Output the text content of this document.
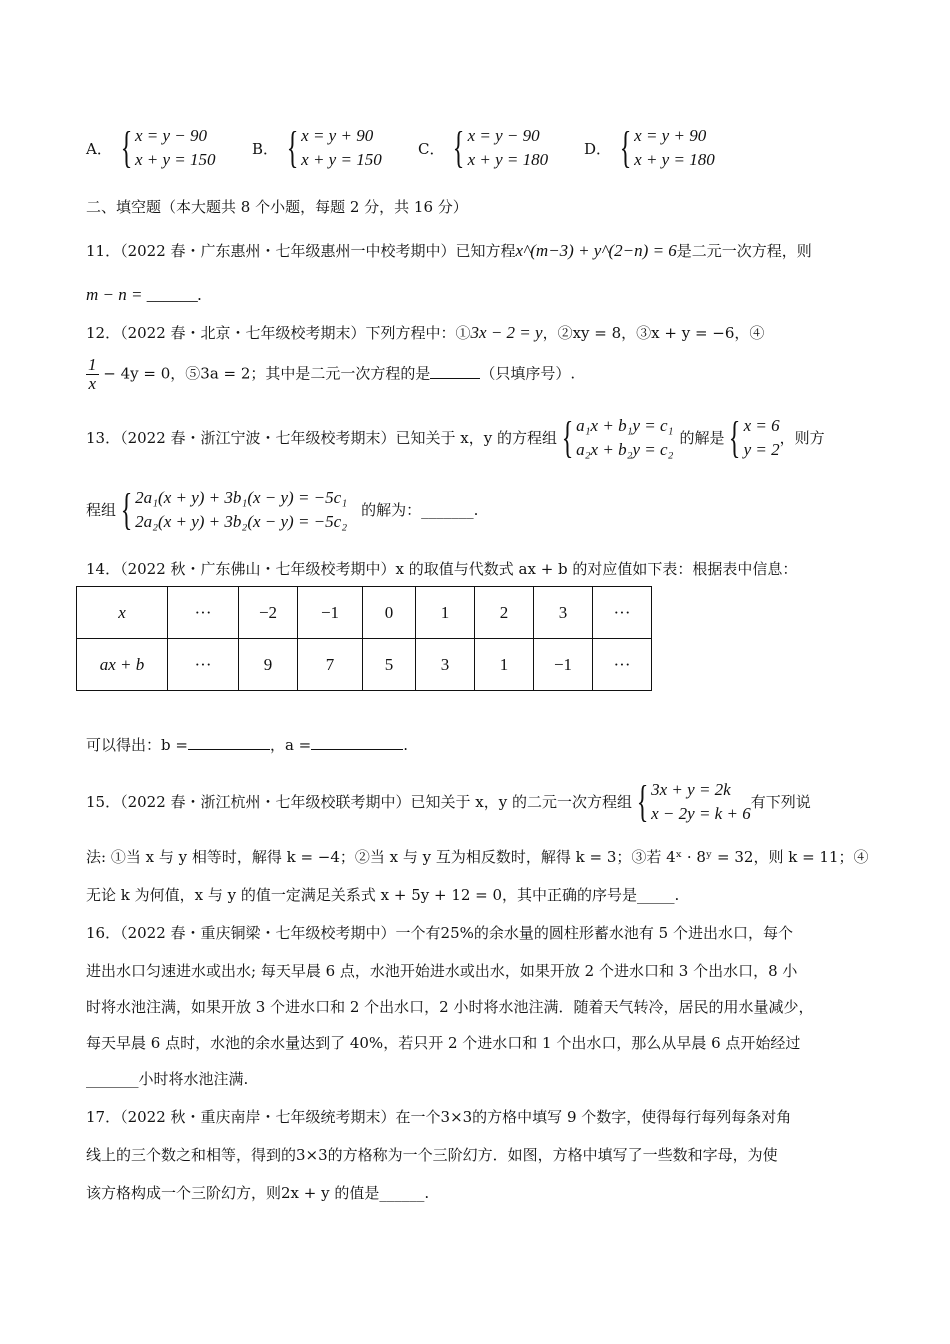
A． { x = y − 90
x + y = 150
B． { x = y + 90
x + y = 150
C． { x = y − 90
x + y = 180
D． { x = y + 90
x + y = 180
二、填空题（本大题共 8 个小题，每题 2 分，共 16 分）
11．（2022 春・广东惠州・七年级惠州一中校考期中）已知方程x^(m−3) + y^(2−n) = 6是二元一次方程，则
m − n = ______.
12．（2022 春・北京・七年级校考期末）下列方程中：①3x − 2 = y，②xy = 8，③x + y = −6，④
$\frac{1}{x} - 4y = 0$，⑤3a = 2；其中是二元一次方程的是	（只填序号）.
13．（2022 春・浙江宁波・七年级校考期末）已知关于 x，y 的方程组 { a₁x + b₁y = c₁
a₂x + b₂y = c₂
的解是 { x = 6
y = 2
，则方
程组 { 2a₁(x + y) + 3b₁(x − y) = −5c₁
2a₂(x + y) + 3b₂(x − y) = −5c₂
的解为：_______.
14．（2022 秋・广东佛山・七年级校考期中）x 的取值与代数式 ax + b 的对应值如下表：根据表中信息：
x	···	−2	−1	0	1	2	3	···
ax + b	···	9	7	5	3	1	−1	···
可以得出：b =	，a =	.
15．（2022 春・浙江杭州・七年级校联考期中）已知关于 x，y 的二元一次方程组 { 3x + y = 2k
x − 2y = k + 6
有下列说
法: ①当 x 与 y 相等时，解得 k = −4；②当 x 与 y 互为相反数时，解得 k = 3；③若 4ˣ · 8ʸ = 32，则 k = 11；④
无论 k 为何值，x 与 y 的值一定满足关系式 x + 5y + 12 = 0，其中正确的序号是_____.
16．（2022 春・重庆铜梁・七年级校考期中）一个有25%的余水量的圆柱形蓄水池有 5 个进出水口，每个
进出水口匀速进水或出水; 每天早晨 6 点，水池开始进水或出水，如果开放 2 个进水口和 3 个出水口，8 小
时将水池注满，如果开放 3 个进水口和 2 个出水口，2 小时将水池注满．随着天气转冷，居民的用水量减少，
每天早晨 6 点时，水池的余水量达到了 40%，若只开 2 个进水口和 1 个出水口，那么从早晨 6 点开始经过
_______小时将水池注满.
17．（2022 秋・重庆南岸・七年级统考期末）在一个3×3的方格中填写 9 个数字，使得每行每列每条对角
线上的三个数之和相等，得到的3×3的方格称为一个三阶幻方．如图，方格中填写了一些数和字母，为使
该方格构成一个三阶幻方，则2x + y 的值是______.
